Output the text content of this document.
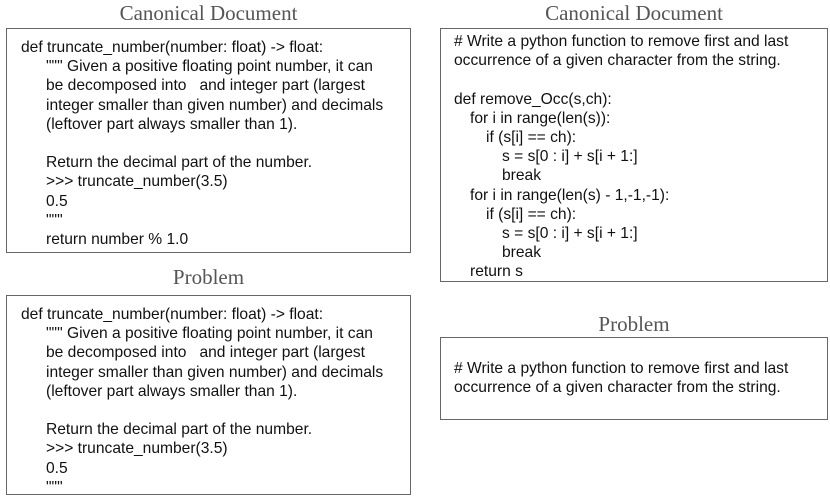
Canonical Document
def truncate_number(number: float) -> float:
""" Given a positive floating point number, it can
be decomposed into   and integer part (largest
integer smaller than given number) and decimals
(leftover part always smaller than 1).
Return the decimal part of the number.
>>> truncate_number(3.5)
0.5
"""
return number % 1.0
Problem
def truncate_number(number: float) -> float:
""" Given a positive floating point number, it can
be decomposed into   and integer part (largest
integer smaller than given number) and decimals
(leftover part always smaller than 1).
Return the decimal part of the number.
>>> truncate_number(3.5)
0.5
"""
Canonical Document
# Write a python function to remove first and last
occurrence of a given character from the string.
def remove_Occ(s,ch):
for i in range(len(s)):
if (s[i] == ch):
s = s[0 : i] + s[i + 1:]
break
for i in range(len(s) - 1,-1,-1):
if (s[i] == ch):
s = s[0 : i] + s[i + 1:]
break
return s
Problem
# Write a python function to remove first and last
occurrence of a given character from the string.
